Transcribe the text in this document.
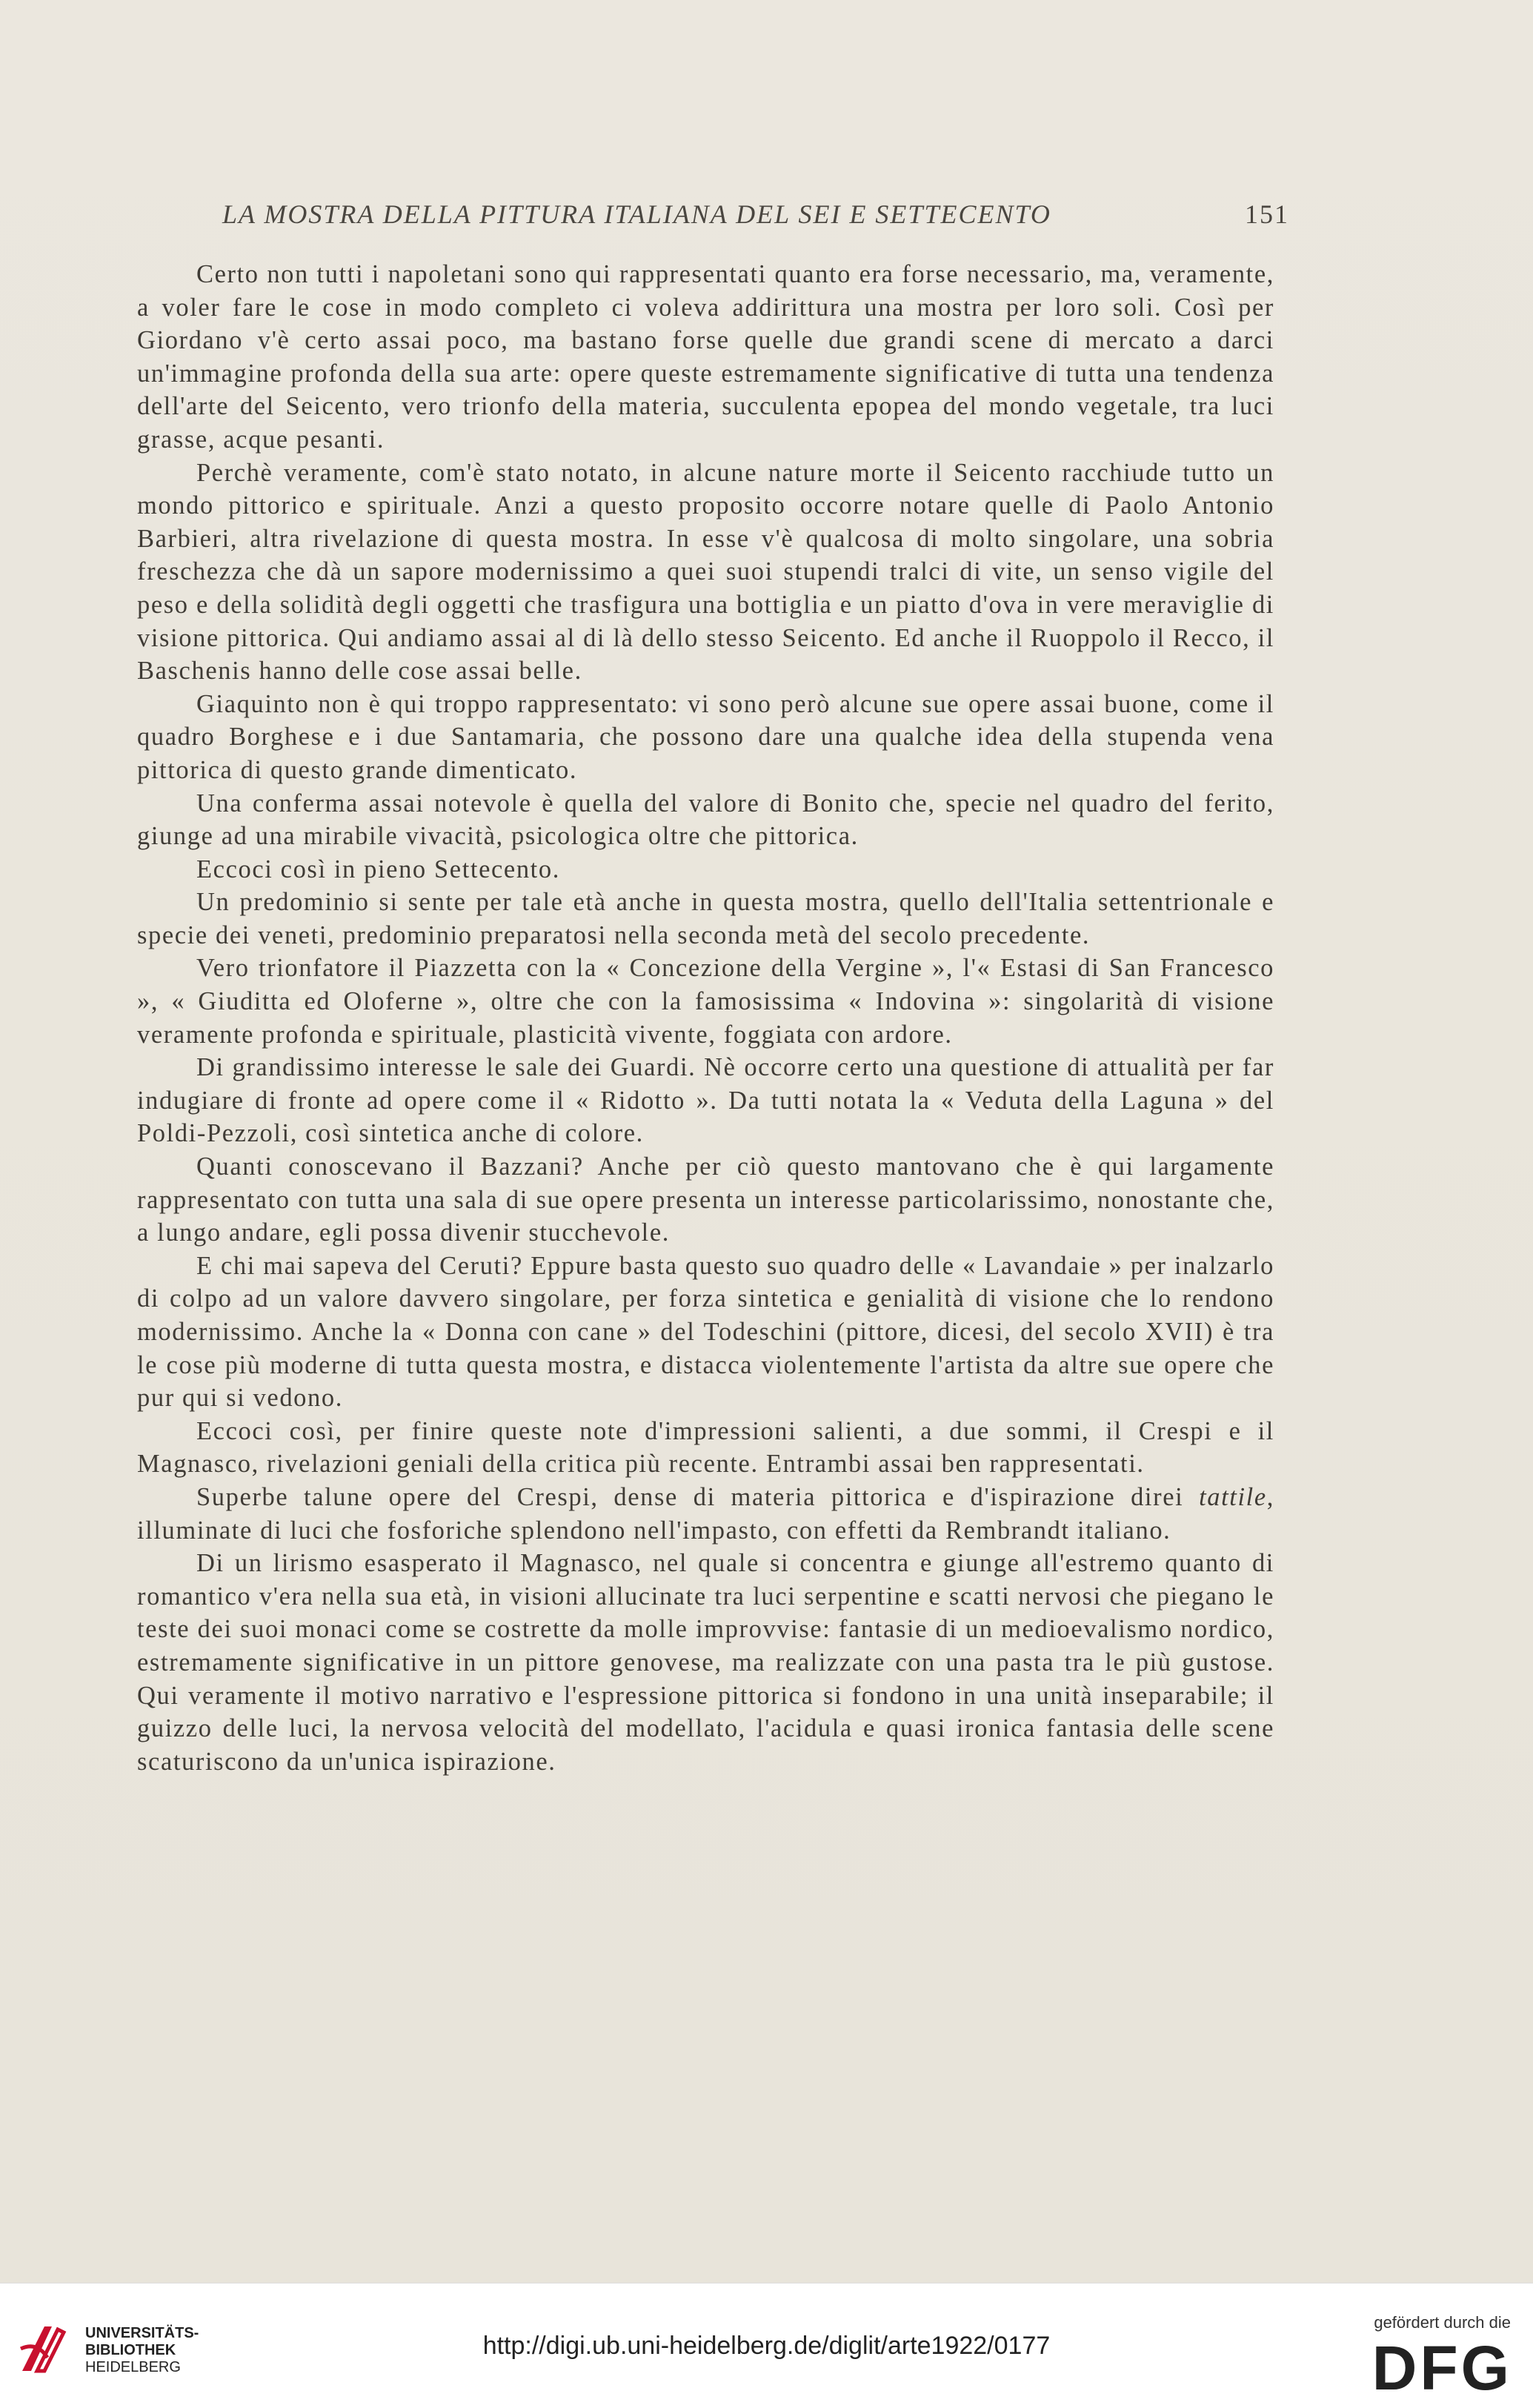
LA MOSTRA DELLA PITTURA ITALIANA DEL SEI E SETTECENTO	151

Certo non tutti i napoletani sono qui rappresentati quanto era forse necessario, ma, veramente, a voler fare le cose in modo completo ci voleva addirittura una mostra per loro soli. Così per Giordano v'è certo assai poco, ma bastano forse quelle due grandi scene di mercato a darci un'immagine profonda della sua arte: opere queste estremamente significative di tutta una tendenza dell'arte del Seicento, vero trionfo della materia, succulenta epopea del mondo vegetale, tra luci grasse, acque pesanti.

Perchè veramente, com'è stato notato, in alcune nature morte il Seicento racchiude tutto un mondo pittorico e spirituale. Anzi a questo proposito occorre notare quelle di Paolo Antonio Barbieri, altra rivelazione di questa mostra. In esse v'è qualcosa di molto singolare, una sobria freschezza che dà un sapore modernissimo a quei suoi stupendi tralci di vite, un senso vigile del peso e della solidità degli oggetti che trasfigura una bottiglia e un piatto d'ova in vere meraviglie di visione pittorica. Qui andiamo assai al di là dello stesso Seicento. Ed anche il Ruoppolo il Recco, il Baschenis hanno delle cose assai belle.

Giaquinto non è qui troppo rappresentato: vi sono però alcune sue opere assai buone, come il quadro Borghese e i due Santamaria, che possono dare una qualche idea della stupenda vena pittorica di questo grande dimenticato.

Una conferma assai notevole è quella del valore di Bonito che, specie nel quadro del ferito, giunge ad una mirabile vivacità, psicologica oltre che pittorica.

Eccoci così in pieno Settecento.

Un predominio si sente per tale età anche in questa mostra, quello dell'Italia settentrionale e specie dei veneti, predominio preparatosi nella seconda metà del secolo precedente.

Vero trionfatore il Piazzetta con la « Concezione della Vergine », l'« Estasi di San Francesco », « Giuditta ed Oloferne », oltre che con la famosissima « Indovina »: singolarità di visione veramente profonda e spirituale, plasticità vivente, foggiata con ardore.

Di grandissimo interesse le sale dei Guardi. Nè occorre certo una questione di attualità per far indugiare di fronte ad opere come il « Ridotto ». Da tutti notata la « Veduta della Laguna » del Poldi-Pezzoli, così sintetica anche di colore.

Quanti conoscevano il Bazzani? Anche per ciò questo mantovano che è qui largamente rappresentato con tutta una sala di sue opere presenta un interesse particolarissimo, nonostante che, a lungo andare, egli possa divenir stucchevole.

E chi mai sapeva del Ceruti? Eppure basta questo suo quadro delle « Lavandaie » per inalzarlo di colpo ad un valore davvero singolare, per forza sintetica e genialità di visione che lo rendono modernissimo. Anche la « Donna con cane » del Todeschini (pittore, dicesi, del secolo XVII) è tra le cose più moderne di tutta questa mostra, e distacca violentemente l'artista da altre sue opere che pur qui si vedono.

Eccoci così, per finire queste note d'impressioni salienti, a due sommi, il Crespi e il Magnasco, rivelazioni geniali della critica più recente. Entrambi assai ben rappresentati.

Superbe talune opere del Crespi, dense di materia pittorica e d'ispirazione direi tattile, illuminate di luci che fosforiche splendono nell'impasto, con effetti da Rembrandt italiano.

Di un lirismo esasperato il Magnasco, nel quale si concentra e giunge all'estremo quanto di romantico v'era nella sua età, in visioni allucinate tra luci serpentine e scatti nervosi che piegano le teste dei suoi monaci come se costrette da molle improvvise: fantasie di un medioevalismo nordico, estremamente significative in un pittore genovese, ma realizzate con una pasta tra le più gustose. Qui veramente il motivo narrativo e l'espressione pittorica si fondono in una unità inseparabile; il guizzo delle luci, la nervosa velocità del modellato, l'acidula e quasi ironica fantasia delle scene scaturiscono da un'unica ispirazione.

UNIVERSITÄTS-
BIBLIOTHEK
HEIDELBERG
http://digi.ub.uni-heidelberg.de/diglit/arte1922/0177
gefördert durch die
DFG
